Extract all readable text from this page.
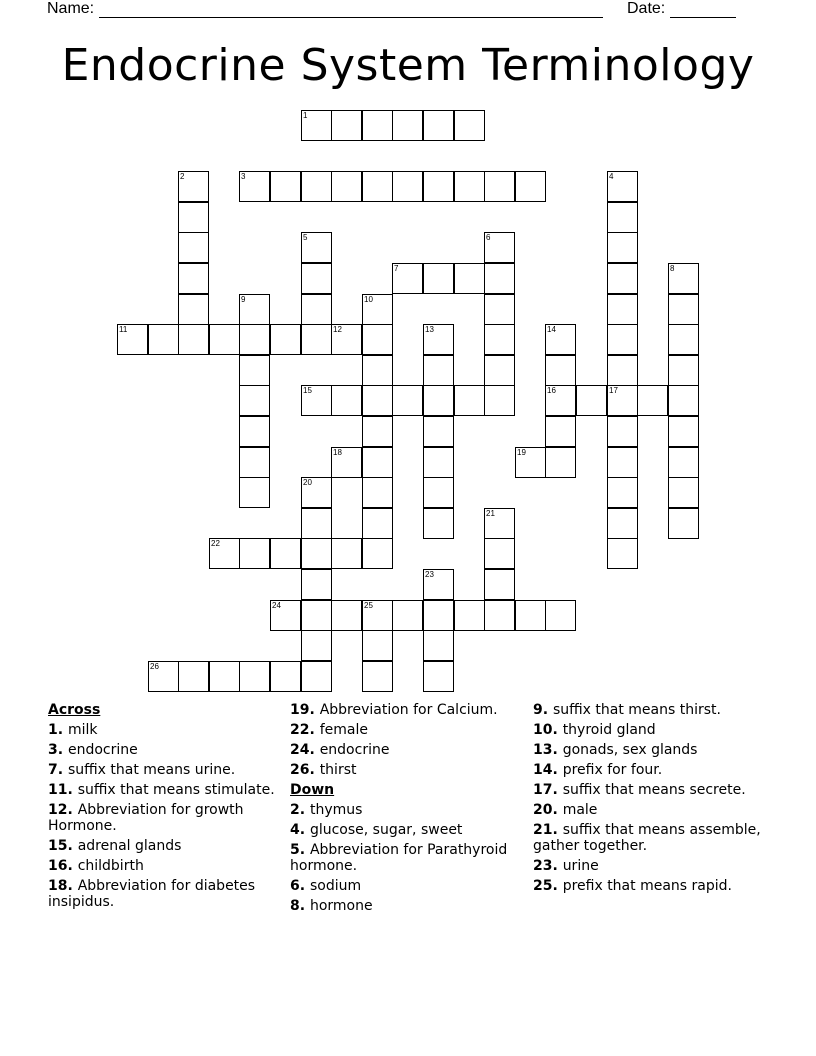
Name:	Date:
Endocrine System Terminology
1
2	3	4
5	6
7	8
9	10
11	12	13	14
16
15	17
18	19
20
21
22
23
24	25
26
Across
1. milk
3. endocrine
7. suffix that means urine.
11. suffix that means stimulate.
12. Abbreviation for growth Hormone.
15. adrenal glands
16. childbirth
18. Abbreviation for diabetes insipidus.
19. Abbreviation for Calcium.
22. female
24. endocrine
26. thirst
Down
2. thymus
4. glucose, sugar, sweet
5. Abbreviation for Parathyroid hormone.
6. sodium
8. hormone
9. suffix that means thirst.
10. thyroid gland
13. gonads, sex glands
14. prefix for four.
17. suffix that means secrete.
20. male
21. suffix that means assemble, gather together.
23. urine
25. prefix that means rapid.
